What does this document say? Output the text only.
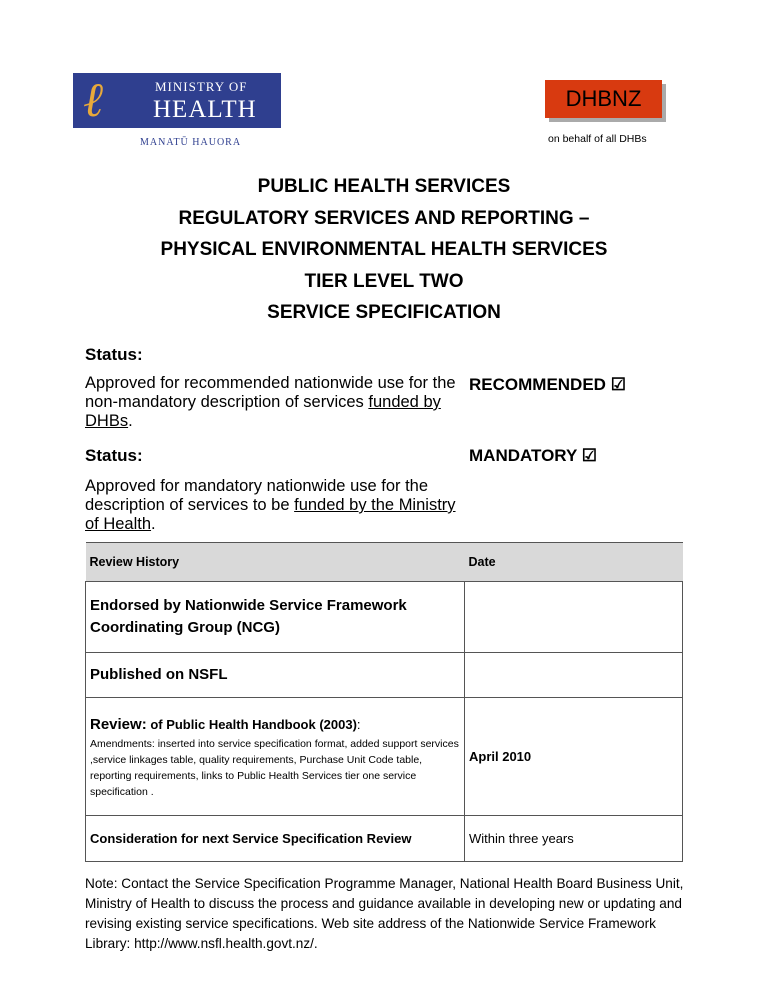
ℓ	MINISTRY OF
HEALTH
MANATŪ HAUORA
DHBNZ
on behalf of all DHBs
PUBLIC HEALTH SERVICES
REGULATORY SERVICES AND REPORTING –
PHYSICAL ENVIRONMENTAL HEALTH SERVICES
TIER LEVEL TWO
SERVICE SPECIFICATION
Status:
Approved for recommended nationwide use for the non-mandatory description of services funded by DHBs.
RECOMMENDED ☑
Status:
Approved for mandatory nationwide use for the description of services to be funded by the Ministry of Health.
MANDATORY ☑
Review History	Date
Endorsed by Nationwide Service Framework Coordinating Group (NCG)	
Published on NSFL	

Review: of Public Health Handbook (2003):
Amendments: inserted into service specification format, added support services ,service linkages table, quality requirements, Purchase Unit Code table, reporting requirements, links to Public Health Services tier one service specification .	April 2010
Consideration for next Service Specification Review	Within three years
Note: Contact the Service Specification Programme Manager, National Health Board Business Unit, Ministry of Health to discuss the process and guidance available in developing new or updating and revising existing service specifications. Web site address of the Nationwide Service Framework Library: http://www.nsfl.health.govt.nz/.
